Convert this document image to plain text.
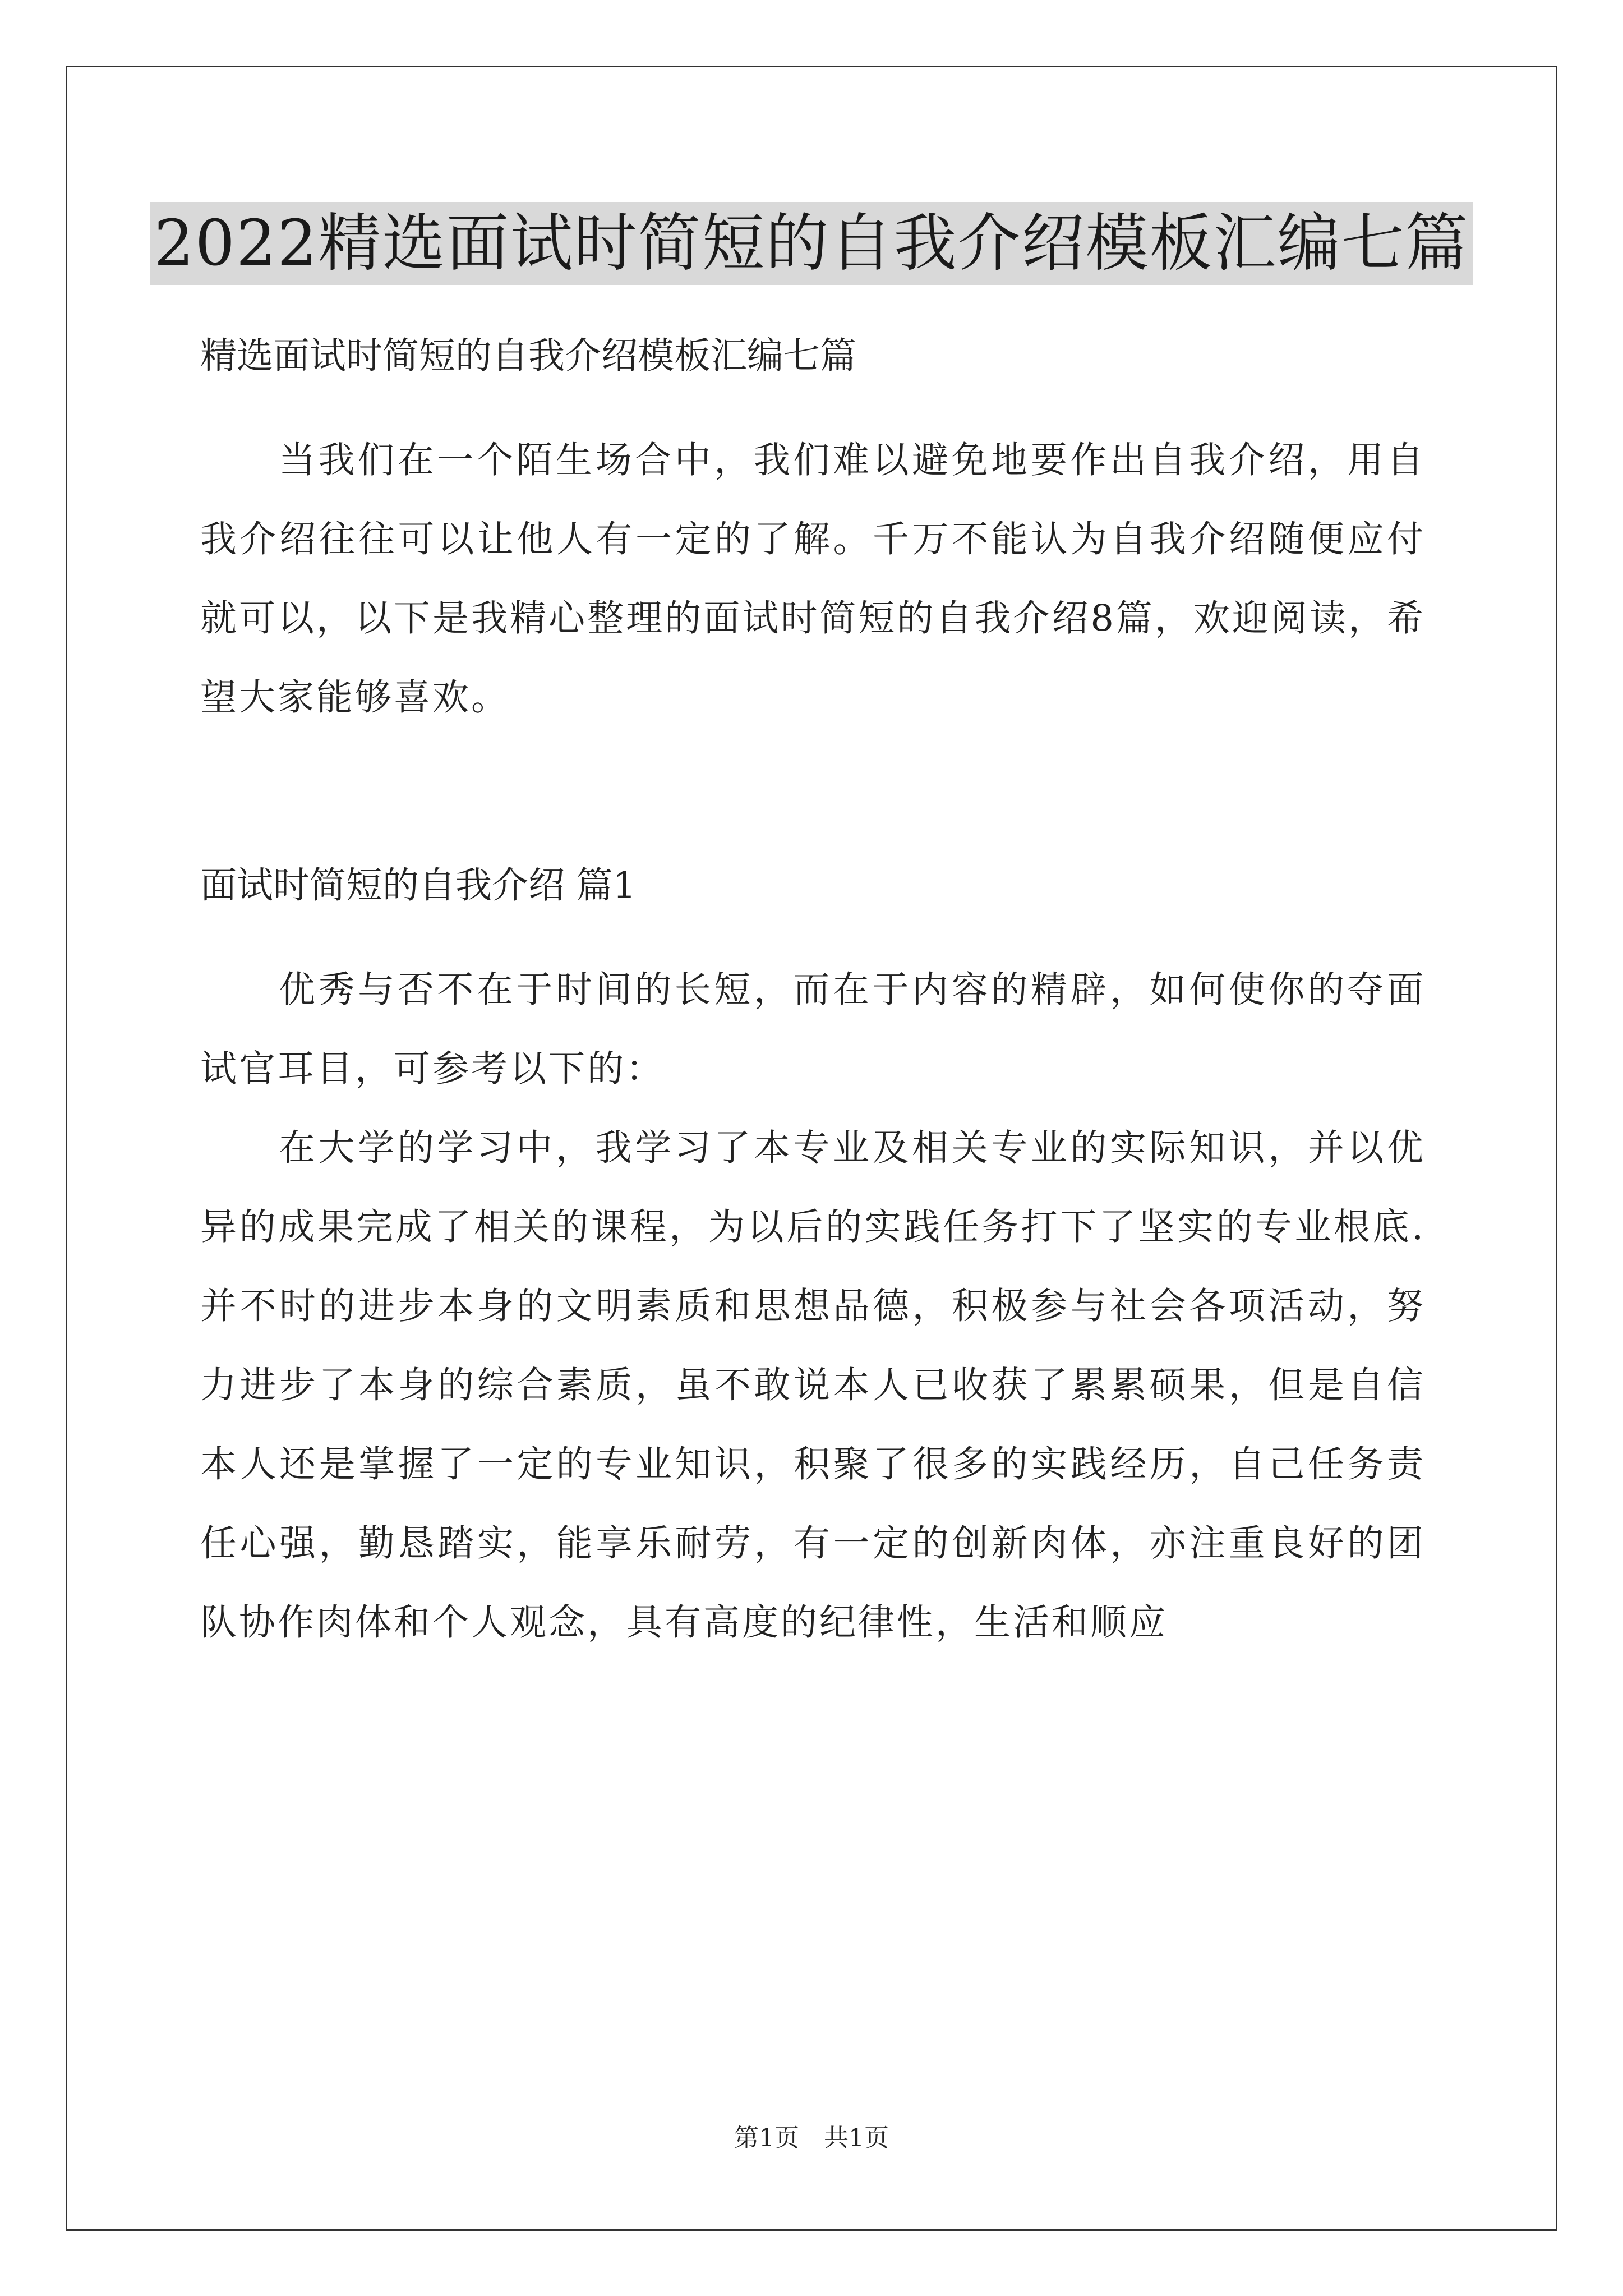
2022精选面试时简短的自我介绍模板汇编七篇

精选面试时简短的自我介绍模板汇编七篇

当我们在一个陌生场合中，我们难以避免地要作出自我介绍，用自我介绍往往可以让他人有一定的了解。千万不能认为自我介绍随便应付就可以，以下是我精心整理的面试时简短的自我介绍8篇，欢迎阅读，希望大家能够喜欢。

面试时简短的自我介绍 篇1

优秀与否不在于时间的长短，而在于内容的精辟，如何使你的夺面试官耳目，可参考以下的：

在大学的学习中，我学习了本专业及相关专业的实际知识，并以优异的成果完成了相关的课程，为以后的实践任务打下了坚实的专业根底.并不时的进步本身的文明素质和思想品德，积极参与社会各项活动，努力进步了本身的综合素质，虽不敢说本人已收获了累累硕果，但是自信本人还是掌握了一定的专业知识，积聚了很多的实践经历，自己任务责任心强，勤恳踏实，能享乐耐劳，有一定的创新肉体，亦注重良好的团队协作肉体和个人观念，具有高度的纪律性，生活和顺应

第1页　共1页
